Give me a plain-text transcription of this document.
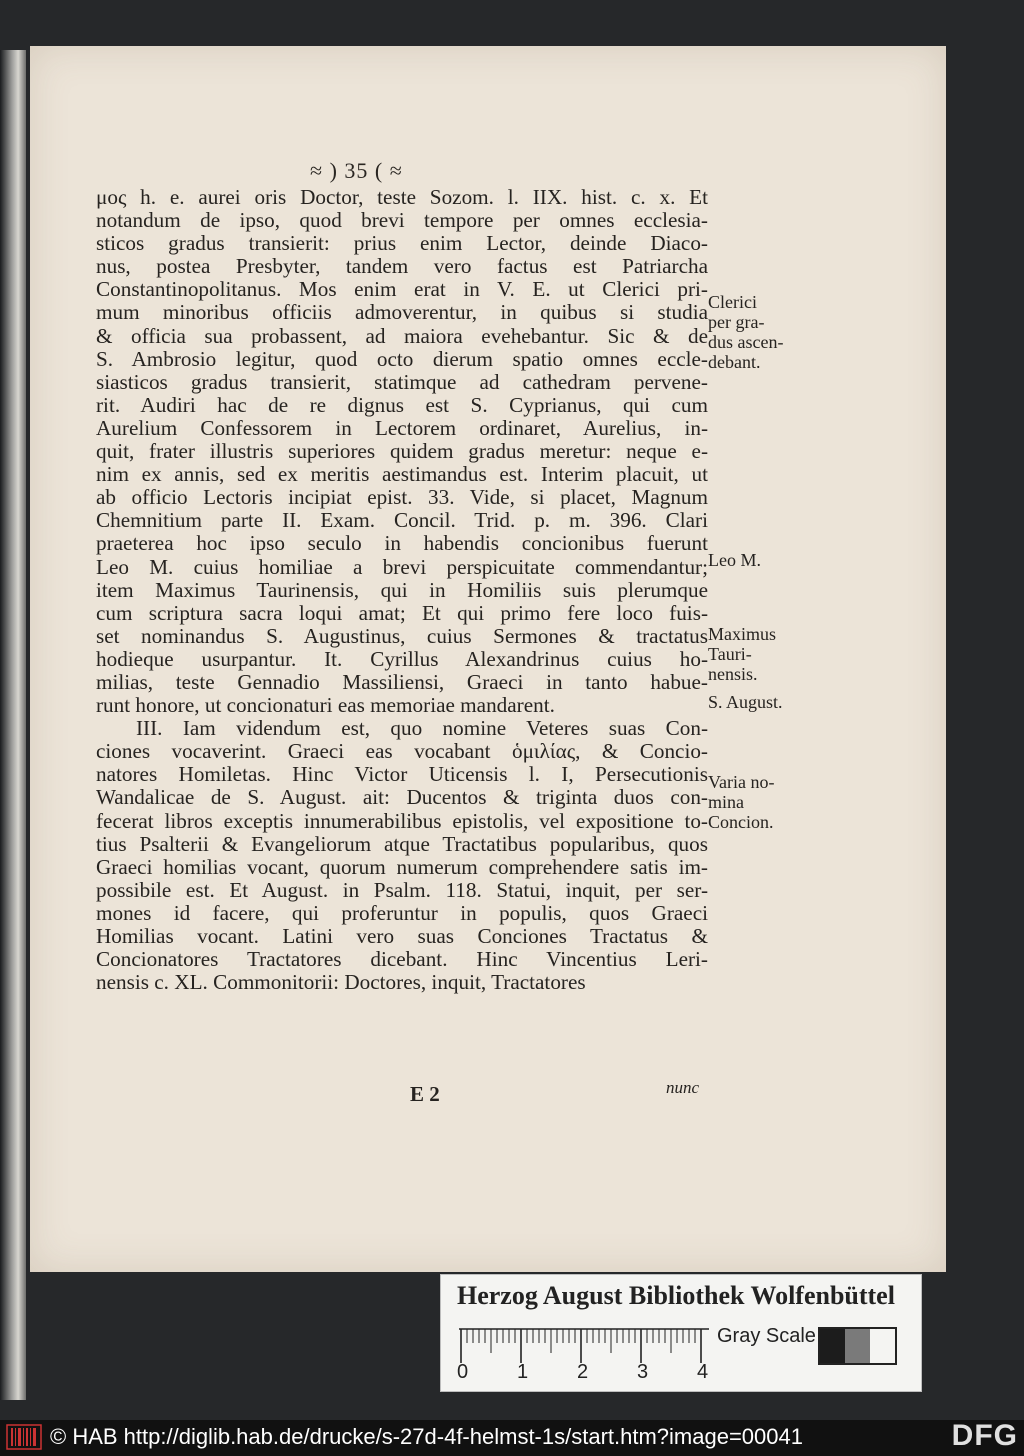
≈ ) 35 ( ≈
μος h. e. aurei oris Doctor, teste Sozom. l. IIX. hist. c. x. Et
notandum de ipso, quod brevi tempore per omnes ecclesia-
sticos gradus transierit: prius enim Lector, deinde Diaco-
nus, postea Presbyter, tandem vero factus est Patriarcha
Constantinopolitanus. Mos enim erat in V. E. ut Clerici pri-
mum minoribus officiis admoverentur, in quibus si studia
& officia sua probassent, ad maiora evehebantur. Sic & de
S. Ambrosio legitur, quod octo dierum spatio omnes eccle-
siasticos gradus transierit, statimque ad cathedram pervene-
rit. Audiri hac de re dignus est S. Cyprianus, qui cum
Aurelium Confessorem in Lectorem ordinaret, Aurelius, in-
quit, frater illustris superiores quidem gradus meretur: neque e-
nim ex annis, sed ex meritis aestimandus est. Interim placuit, ut
ab officio Lectoris incipiat epist. 33. Vide, si placet, Magnum
Chemnitium parte II. Exam. Concil. Trid. p. m. 396. Clari
praeterea hoc ipso seculo in habendis concionibus fuerunt
Leo M. cuius homiliae a brevi perspicuitate commendantur;
item Maximus Taurinensis, qui in Homiliis suis plerumque
cum scriptura sacra loqui amat; Et qui primo fere loco fuis-
set nominandus S. Augustinus, cuius Sermones & tractatus
hodieque usurpantur. It. Cyrillus Alexandrinus cuius ho-
milias, teste Gennadio Massiliensi, Graeci in tanto habue-
runt honore, ut concionaturi eas memoriae mandarent.
III. Iam videndum est, quo nomine Veteres suas Con-
ciones vocaverint. Graeci eas vocabant ὁμιλίας, & Concio-
natores Homiletas. Hinc Victor Uticensis l. I, Persecutionis
Wandalicae de S. August. ait: Ducentos & triginta duos con-
fecerat libros exceptis innumerabilibus epistolis, vel expositione to-
tius Psalterii & Evangeliorum atque Tractatibus popularibus, quos
Graeci homilias vocant, quorum numerum comprehendere satis im-
possibile est. Et August. in Psalm. 118. Statui, inquit, per ser-
mones id facere, qui proferuntur in populis, quos Graeci
Homilias vocant. Latini vero suas Conciones Tractatus &
Concionatores Tractatores dicebant. Hinc Vincentius Leri-
nensis c. XL. Commonitorii: Doctores, inquit, Tractatores
Clerici
per gra-
dus ascen-
debant.
Leo M.
Maximus
Tauri-
nensis.
S. August.
Varia no-
mina
Concion.
E 2	nunc
Herzog August Bibliothek Wolfenbüttel
Gray Scale
0 1 2 3 4
© HAB http://diglib.hab.de/drucke/s-27d-4f-helmst-1s/start.htm?image=00041	DFG
